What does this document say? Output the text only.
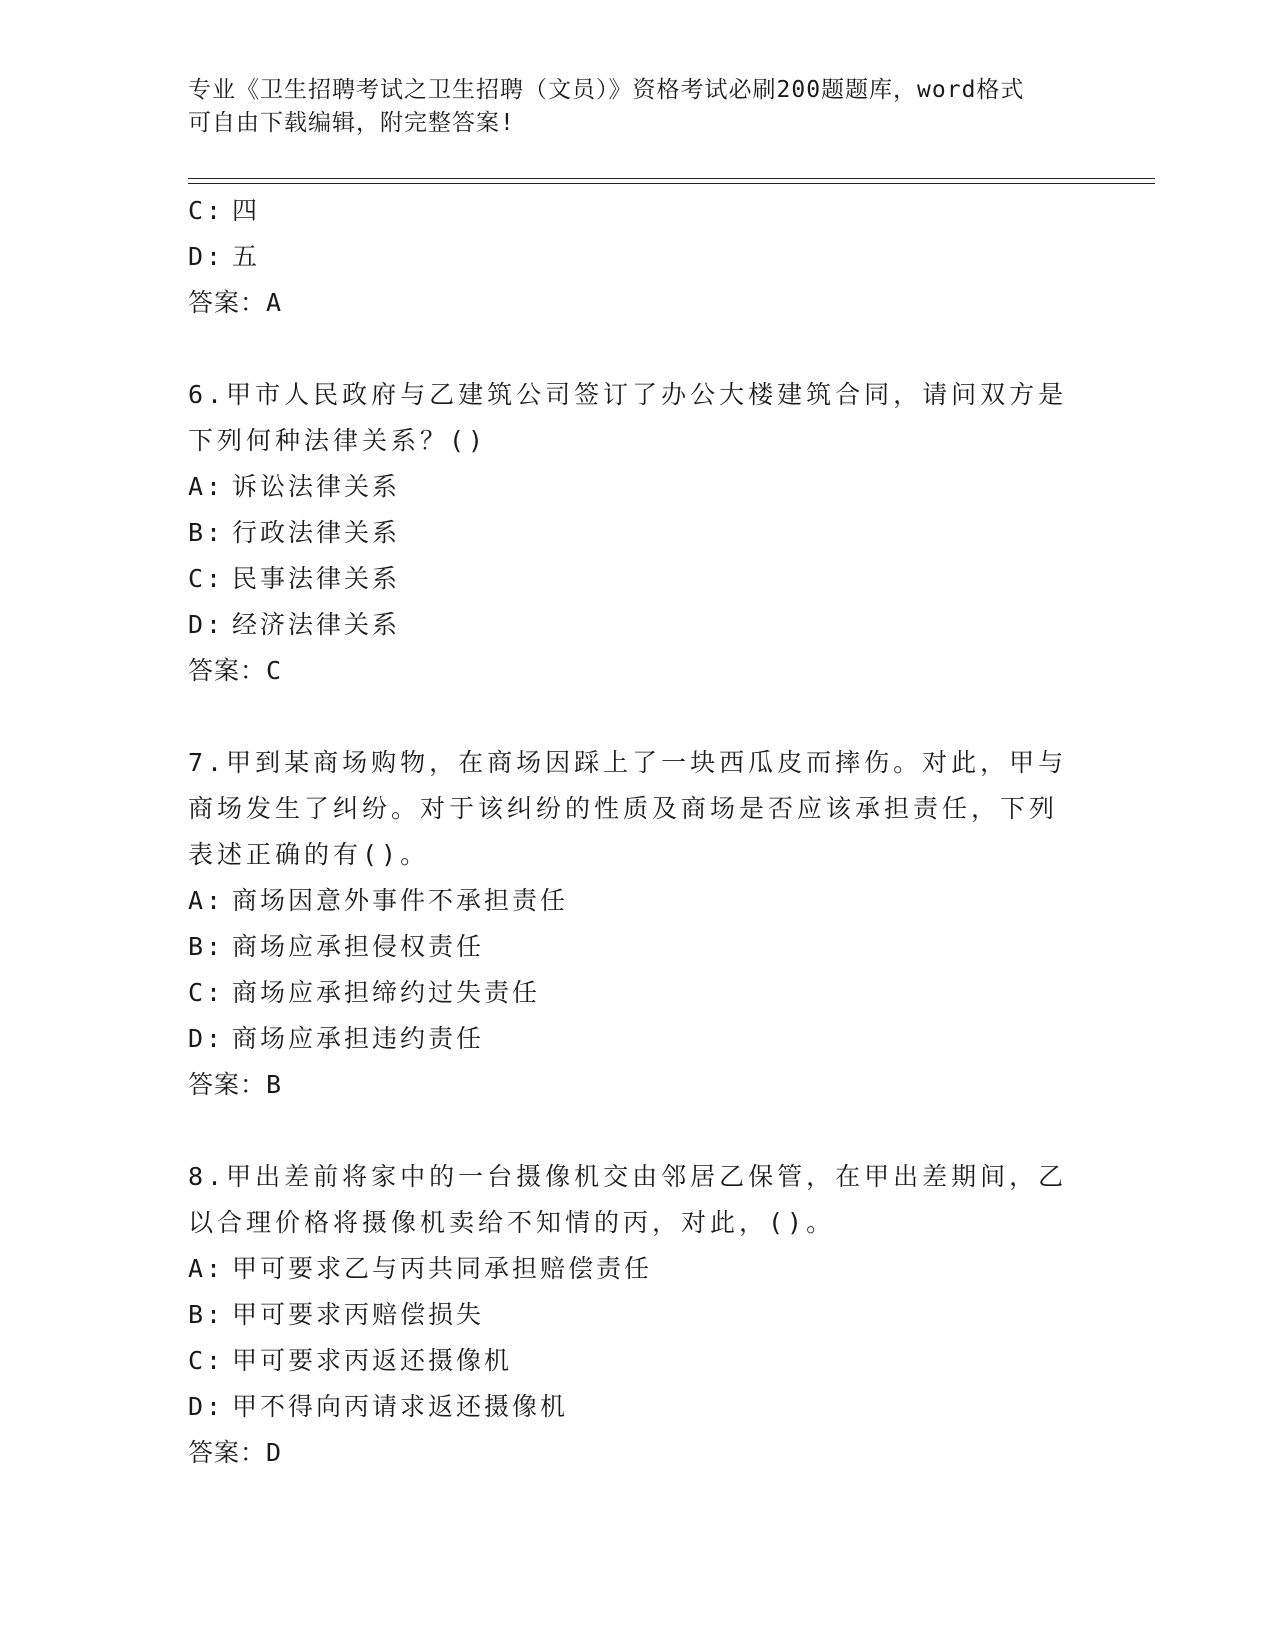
专业《卫生招聘考试之卫生招聘（文员）》资格考试必刷200题题库，word格式
可自由下载编辑，附完整答案!
C: 四
D: 五
答案：A
6.甲市人民政府与乙建筑公司签订了办公大楼建筑合同，请问双方是下列何种法律关系？()
A: 诉讼法律关系
B: 行政法律关系
C: 民事法律关系
D: 经济法律关系
答案：C
7.甲到某商场购物，在商场因踩上了一块西瓜皮而摔伤。对此，甲与商场发生了纠纷。对于该纠纷的性质及商场是否应该承担责任，下列表述正确的有()。
A: 商场因意外事件不承担责任
B: 商场应承担侵权责任
C: 商场应承担缔约过失责任
D: 商场应承担违约责任
答案：B
8.甲出差前将家中的一台摄像机交由邻居乙保管，在甲出差期间，乙以合理价格将摄像机卖给不知情的丙，对此，()。
A: 甲可要求乙与丙共同承担赔偿责任
B: 甲可要求丙赔偿损失
C: 甲可要求丙返还摄像机
D: 甲不得向丙请求返还摄像机
答案：D
